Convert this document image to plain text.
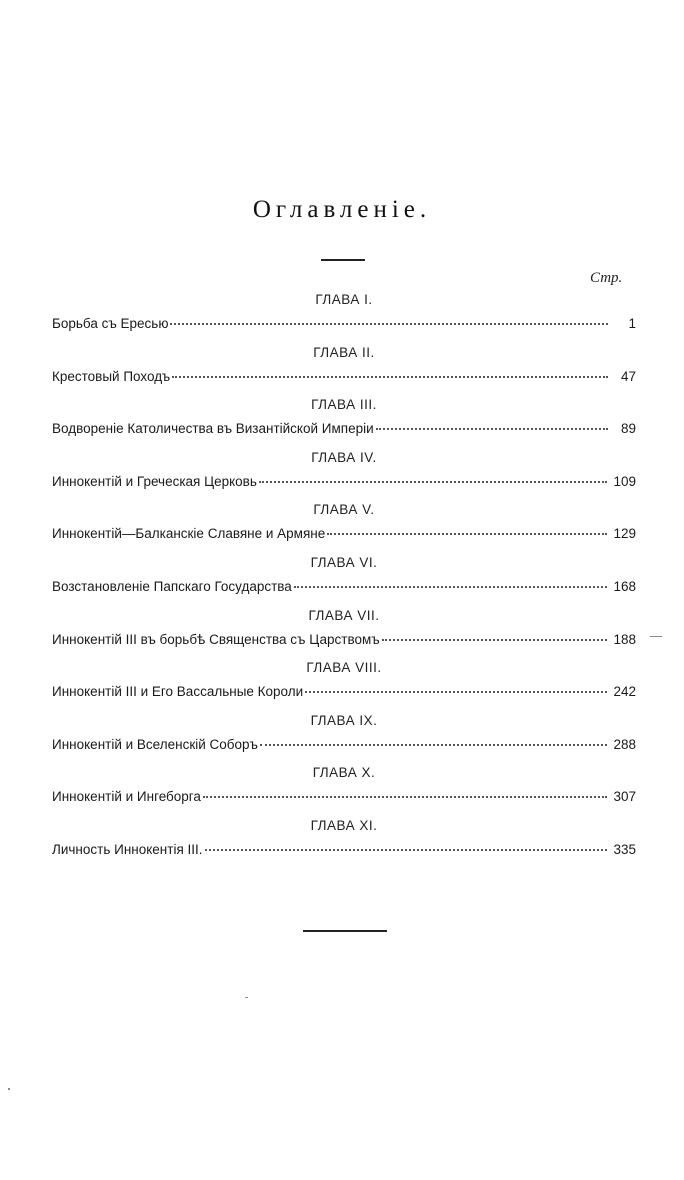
Оглавленіе.
Стр.
ГЛАВА I.
Борьба съ Ересью	1
ГЛАВА II.
Крестовый Походъ	47
ГЛАВА III.
Водвореніе Католичества въ Византійской Имперіи	89
ГЛАВА IV.
Иннокентій и Греческая Церковь	109
ГЛАВА V.
Иннокентій—Балканскіе Славяне и Армяне	129
ГЛАВА VI.
Возстановленіе Папскаго Государства	168
ГЛАВА VII.
Иннокентій III въ борьбѣ Священства съ Царствомъ	188
ГЛАВА VIII.
Иннокентій III и Его Вассальные Короли	242
ГЛАВА IX.
Иннокентій и Вселенскій Соборъ	288
ГЛАВА X.
Иннокентій и Ингеборга	307
ГЛАВА XI.
Личность Иннокентія III.	335
